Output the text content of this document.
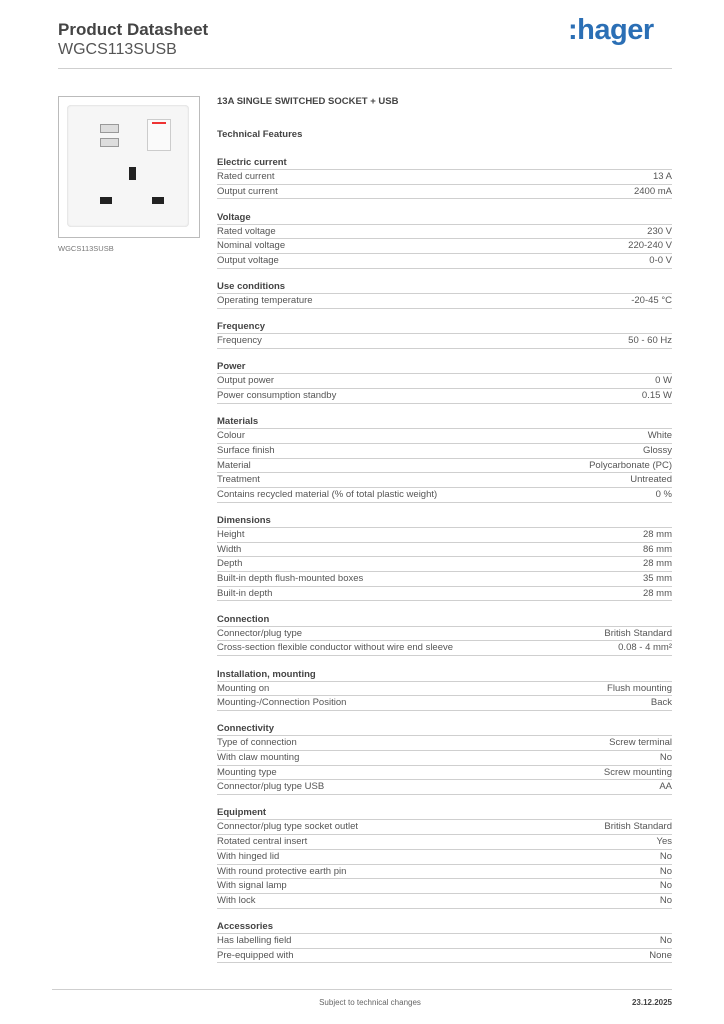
Product Datasheet
WGCS113SUSB
:hager
WGCS113SUSB
13A SINGLE SWITCHED SOCKET + USB
Technical Features
Electric current
Rated current	13 A
Output current	2400 mA
Voltage
Rated voltage	230 V
Nominal voltage	220-240 V
Output voltage	0-0 V
Use conditions
Operating temperature	-20-45 °C
Frequency
Frequency	50 - 60 Hz
Power
Output power	0 W
Power consumption standby	0.15 W
Materials
Colour	White
Surface finish	Glossy
Material	Polycarbonate (PC)
Treatment	Untreated
Contains recycled material (% of total plastic weight)	0 %
Dimensions
Height	28 mm
Width	86 mm
Depth	28 mm
Built-in depth flush-mounted boxes	35 mm
Built-in depth	28 mm
Connection
Connector/plug type	British Standard
Cross-section flexible conductor without wire end sleeve	0.08 - 4 mm²
Installation, mounting
Mounting on	Flush mounting
Mounting-/Connection Position	Back
Connectivity
Type of connection	Screw terminal
With claw mounting	No
Mounting type	Screw mounting
Connector/plug type USB	AA
Equipment
Connector/plug type socket outlet	British Standard
Rotated central insert	Yes
With hinged lid	No
With round protective earth pin	No
With signal lamp	No
With lock	No
Accessories
Has labelling field	No
Pre-equipped with	None
Subject to technical changes	23.12.2025
